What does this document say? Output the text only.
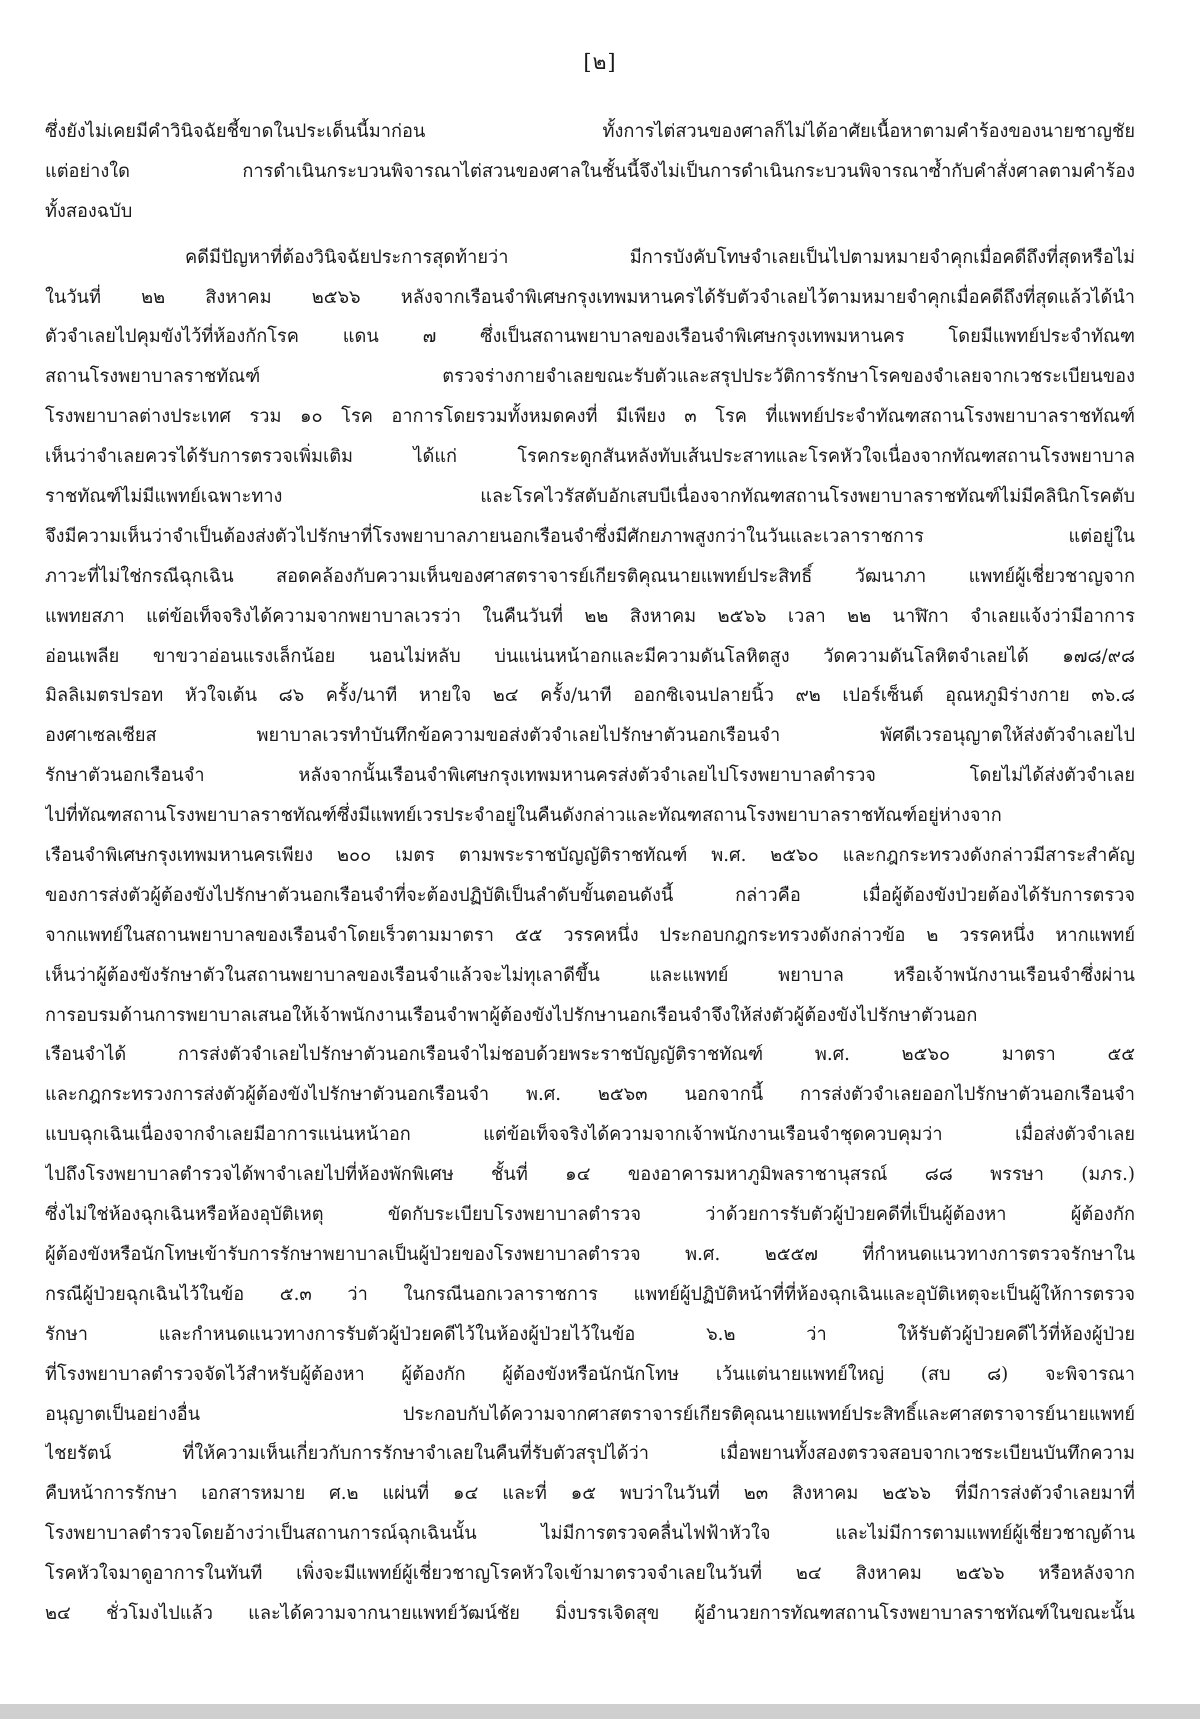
[๒]
ซึ่งยังไม่เคยมีคำวินิจฉัยชี้ขาดในประเด็นนี้มาก่อน ทั้งการไต่สวนของศาลก็ไม่ได้อาศัยเนื้อหาตามคำร้องของนายชาญชัย
แต่อย่างใด การดำเนินกระบวนพิจารณาไต่สวนของศาลในชั้นนี้จึงไม่เป็นการดำเนินกระบวนพิจารณาซ้ำกับคำสั่งศาลตามคำร้อง
ทั้งสองฉบับ
คดีมีปัญหาที่ต้องวินิจฉัยประการสุดท้ายว่า มีการบังคับโทษจำเลยเป็นไปตามหมายจำคุกเมื่อคดีถึงที่สุดหรือไม่
ในวันที่ ๒๒ สิงหาคม ๒๕๖๖ หลังจากเรือนจำพิเศษกรุงเทพมหานครได้รับตัวจำเลยไว้ตามหมายจำคุกเมื่อคดีถึงที่สุดแล้วได้นำ
ตัวจำเลยไปคุมขังไว้ที่ห้องกักโรค แดน ๗ ซึ่งเป็นสถานพยาบาลของเรือนจำพิเศษกรุงเทพมหานคร โดยมีแพทย์ประจำทัณฑ
สถานโรงพยาบาลราชทัณฑ์ ตรวจร่างกายจำเลยขณะรับตัวและสรุปประวัติการรักษาโรคของจำเลยจากเวชระเบียนของ
โรงพยาบาลต่างประเทศ รวม ๑๐ โรค อาการโดยรวมทั้งหมดคงที่ มีเพียง ๓ โรค ที่แพทย์ประจำทัณฑสถานโรงพยาบาลราชทัณฑ์
เห็นว่าจำเลยควรได้รับการตรวจเพิ่มเติม ได้แก่ โรคกระดูกสันหลังทับเส้นประสาทและโรคหัวใจเนื่องจากทัณฑสถานโรงพยาบาล
ราชทัณฑ์ไม่มีแพทย์เฉพาะทาง และโรคไวรัสตับอักเสบบีเนื่องจากทัณฑสถานโรงพยาบาลราชทัณฑ์ไม่มีคลินิกโรคตับ
จึงมีความเห็นว่าจำเป็นต้องส่งตัวไปรักษาที่โรงพยาบาลภายนอกเรือนจำซึ่งมีศักยภาพสูงกว่าในวันและเวลาราชการ แต่อยู่ใน
ภาวะที่ไม่ใช่กรณีฉุกเฉิน สอดคล้องกับความเห็นของศาสตราจารย์เกียรติคุณนายแพทย์ประสิทธิ์ วัฒนาภา แพทย์ผู้เชี่ยวชาญจาก
แพทยสภา แต่ข้อเท็จจริงได้ความจากพยาบาลเวรว่า ในคืนวันที่ ๒๒ สิงหาคม ๒๕๖๖ เวลา ๒๒ นาฬิกา จำเลยแจ้งว่ามีอาการ
อ่อนเพลีย ขาขวาอ่อนแรงเล็กน้อย นอนไม่หลับ บ่นแน่นหน้าอกและมีความดันโลหิตสูง วัดความดันโลหิตจำเลยได้ ๑๗๘/๙๘
มิลลิเมตรปรอท หัวใจเต้น ๘๖ ครั้ง/นาที หายใจ ๒๔ ครั้ง/นาที ออกซิเจนปลายนิ้ว ๙๒ เปอร์เซ็นต์ อุณหภูมิร่างกาย ๓๖.๘
องศาเซลเซียส พยาบาลเวรทำบันทึกข้อความขอส่งตัวจำเลยไปรักษาตัวนอกเรือนจำ พัศดีเวรอนุญาตให้ส่งตัวจำเลยไป
รักษาตัวนอกเรือนจำ หลังจากนั้นเรือนจำพิเศษกรุงเทพมหานครส่งตัวจำเลยไปโรงพยาบาลตำรวจ โดยไม่ได้ส่งตัวจำเลย
ไปที่ทัณฑสถานโรงพยาบาลราชทัณฑ์ซึ่งมีแพทย์เวรประจำอยู่ในคืนดังกล่าวและทัณฑสถานโรงพยาบาลราชทัณฑ์อยู่ห่างจาก
เรือนจำพิเศษกรุงเทพมหานครเพียง ๒๐๐ เมตร ตามพระราชบัญญัติราชทัณฑ์ พ.ศ. ๒๕๖๐ และกฎกระทรวงดังกล่าวมีสาระสำคัญ
ของการส่งตัวผู้ต้องขังไปรักษาตัวนอกเรือนจำที่จะต้องปฏิบัติเป็นลำดับขั้นตอนดังนี้ กล่าวคือ เมื่อผู้ต้องขังป่วยต้องได้รับการตรวจ
จากแพทย์ในสถานพยาบาลของเรือนจำโดยเร็วตามมาตรา ๕๕ วรรคหนึ่ง ประกอบกฎกระทรวงดังกล่าวข้อ ๒ วรรคหนึ่ง หากแพทย์
เห็นว่าผู้ต้องขังรักษาตัวในสถานพยาบาลของเรือนจำแล้วจะไม่ทุเลาดีขึ้น และแพทย์ พยาบาล หรือเจ้าพนักงานเรือนจำซึ่งผ่าน
การอบรมด้านการพยาบาลเสนอให้เจ้าพนักงานเรือนจำพาผู้ต้องขังไปรักษานอกเรือนจำจึงให้ส่งตัวผู้ต้องขังไปรักษาตัวนอก
เรือนจำได้ การส่งตัวจำเลยไปรักษาตัวนอกเรือนจำไม่ชอบด้วยพระราชบัญญัติราชทัณฑ์ พ.ศ. ๒๕๖๐ มาตรา ๕๕
และกฎกระทรวงการส่งตัวผู้ต้องขังไปรักษาตัวนอกเรือนจำ พ.ศ. ๒๕๖๓ นอกจากนี้ การส่งตัวจำเลยออกไปรักษาตัวนอกเรือนจำ
แบบฉุกเฉินเนื่องจากจำเลยมีอาการแน่นหน้าอก แต่ข้อเท็จจริงได้ความจากเจ้าพนักงานเรือนจำชุดควบคุมว่า เมื่อส่งตัวจำเลย
ไปถึงโรงพยาบาลตำรวจได้พาจำเลยไปที่ห้องพักพิเศษ ชั้นที่ ๑๔ ของอาคารมหาภูมิพลราชานุสรณ์ ๘๘ พรรษา (มภร.)
ซึ่งไม่ใช่ห้องฉุกเฉินหรือห้องอุบัติเหตุ ขัดกับระเบียบโรงพยาบาลตำรวจ ว่าด้วยการรับตัวผู้ป่วยคดีที่เป็นผู้ต้องหา ผู้ต้องกัก
ผู้ต้องขังหรือนักโทษเข้ารับการรักษาพยาบาลเป็นผู้ป่วยของโรงพยาบาลตำรวจ พ.ศ. ๒๕๕๗ ที่กำหนดแนวทางการตรวจรักษาใน
กรณีผู้ป่วยฉุกเฉินไว้ในข้อ ๕.๓ ว่า ในกรณีนอกเวลาราชการ แพทย์ผู้ปฏิบัติหน้าที่ที่ห้องฉุกเฉินและอุบัติเหตุจะเป็นผู้ให้การตรวจ
รักษา และกำหนดแนวทางการรับตัวผู้ป่วยคดีไว้ในห้องผู้ป่วยไว้ในข้อ ๖.๒ ว่า ให้รับตัวผู้ป่วยคดีไว้ที่ห้องผู้ป่วย
ที่โรงพยาบาลตำรวจจัดไว้สำหรับผู้ต้องหา ผู้ต้องกัก ผู้ต้องขังหรือนักนักโทษ เว้นแต่นายแพทย์ใหญ่ (สบ ๘) จะพิจารณา
อนุญาตเป็นอย่างอื่น ประกอบกับได้ความจากศาสตราจารย์เกียรติคุณนายแพทย์ประสิทธิ์และศาสตราจารย์นายแพทย์
ไชยรัตน์ ที่ให้ความเห็นเกี่ยวกับการรักษาจำเลยในคืนที่รับตัวสรุปได้ว่า เมื่อพยานทั้งสองตรวจสอบจากเวชระเบียนบันทึกความ
คืบหน้าการรักษา เอกสารหมาย ศ.๒ แผ่นที่ ๑๔ และที่ ๑๕ พบว่าในวันที่ ๒๓ สิงหาคม ๒๕๖๖ ที่มีการส่งตัวจำเลยมาที่
โรงพยาบาลตำรวจโดยอ้างว่าเป็นสถานการณ์ฉุกเฉินนั้น ไม่มีการตรวจคลื่นไฟฟ้าหัวใจ และไม่มีการตามแพทย์ผู้เชี่ยวชาญด้าน
โรคหัวใจมาดูอาการในทันที เพิ่งจะมีแพทย์ผู้เชี่ยวชาญโรคหัวใจเข้ามาตรวจจำเลยในวันที่ ๒๔ สิงหาคม ๒๕๖๖ หรือหลังจาก
๒๔ ชั่วโมงไปแล้ว และได้ความจากนายแพทย์วัฒน์ชัย มิ่งบรรเจิดสุข ผู้อำนวยการทัณฑสถานโรงพยาบาลราชทัณฑ์ในขณะนั้น
